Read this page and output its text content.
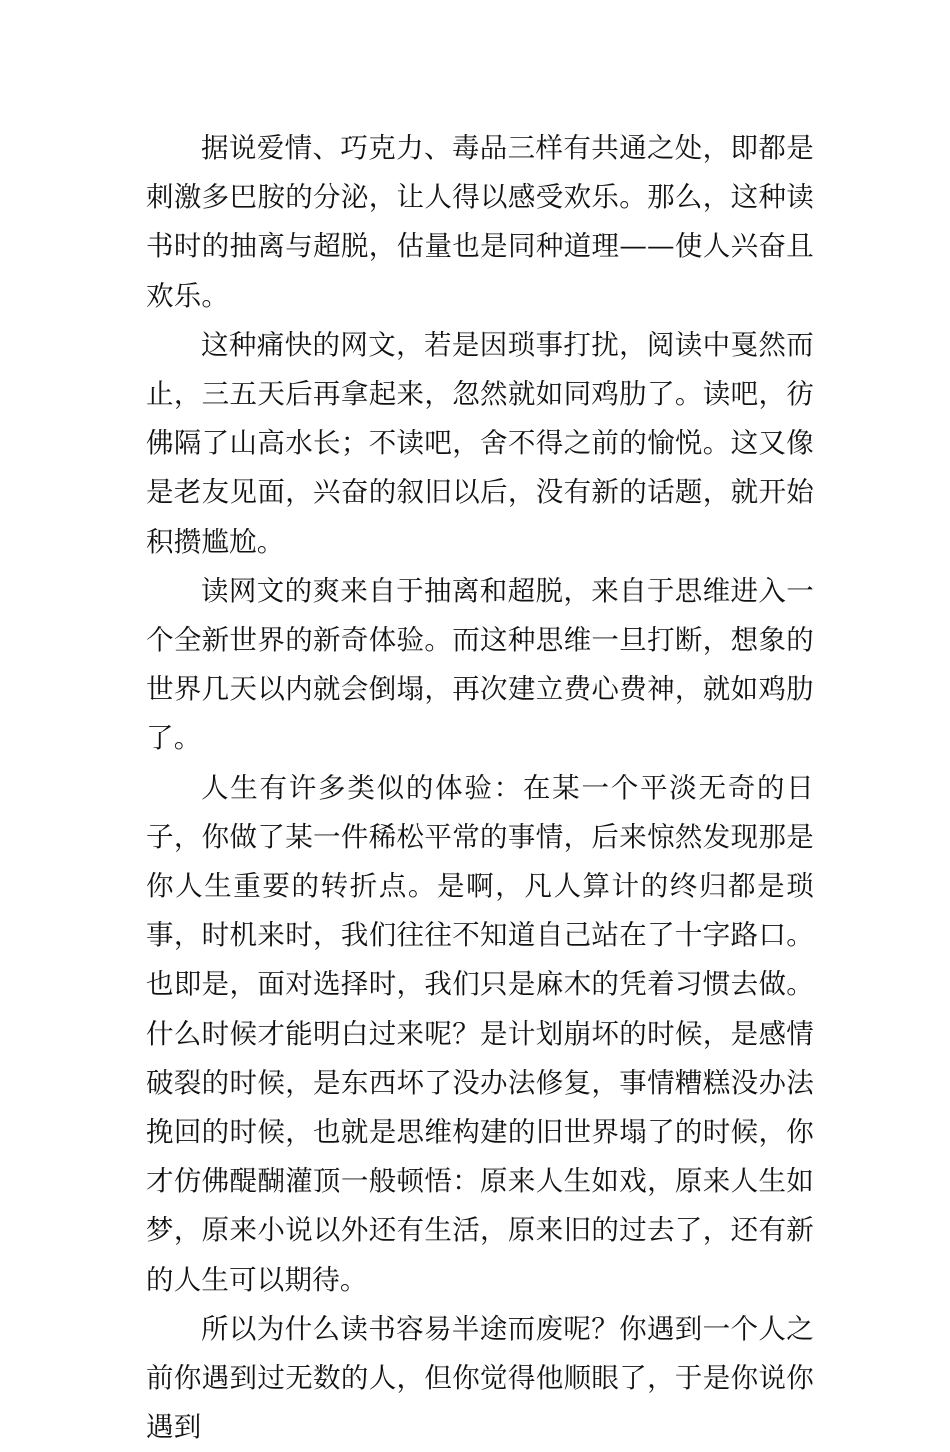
据说爱情、巧克力、毒品三样有共通之处，即都是刺激多巴胺的分泌，让人得以感受欢乐。那么，这种读书时的抽离与超脱，估量也是同种道理——使人兴奋且欢乐。

这种痛快的网文，若是因琐事打扰，阅读中戛然而止，三五天后再拿起来，忽然就如同鸡肋了。读吧，彷佛隔了山高水长；不读吧，舍不得之前的愉悦。这又像是老友见面，兴奋的叙旧以后，没有新的话题，就开始积攒尴尬。

读网文的爽来自于抽离和超脱，来自于思维进入一个全新世界的新奇体验。而这种思维一旦打断，想象的世界几天以内就会倒塌，再次建立费心费神，就如鸡肋了。

人生有许多类似的体验：在某一个平淡无奇的日子，你做了某一件稀松平常的事情，后来惊然发现那是你人生重要的转折点。是啊，凡人算计的终归都是琐事，时机来时，我们往往不知道自己站在了十字路口。也即是，面对选择时，我们只是麻木的凭着习惯去做。什么时候才能明白过来呢？是计划崩坏的时候，是感情破裂的时候，是东西坏了没办法修复，事情糟糕没办法挽回的时候，也就是思维构建的旧世界塌了的时候，你才仿佛醍醐灌顶一般顿悟：原来人生如戏，原来人生如梦，原来小说以外还有生活，原来旧的过去了，还有新的人生可以期待。

所以为什么读书容易半途而废呢？你遇到一个人之前你遇到过无数的人，但你觉得他顺眼了，于是你说你遇到
